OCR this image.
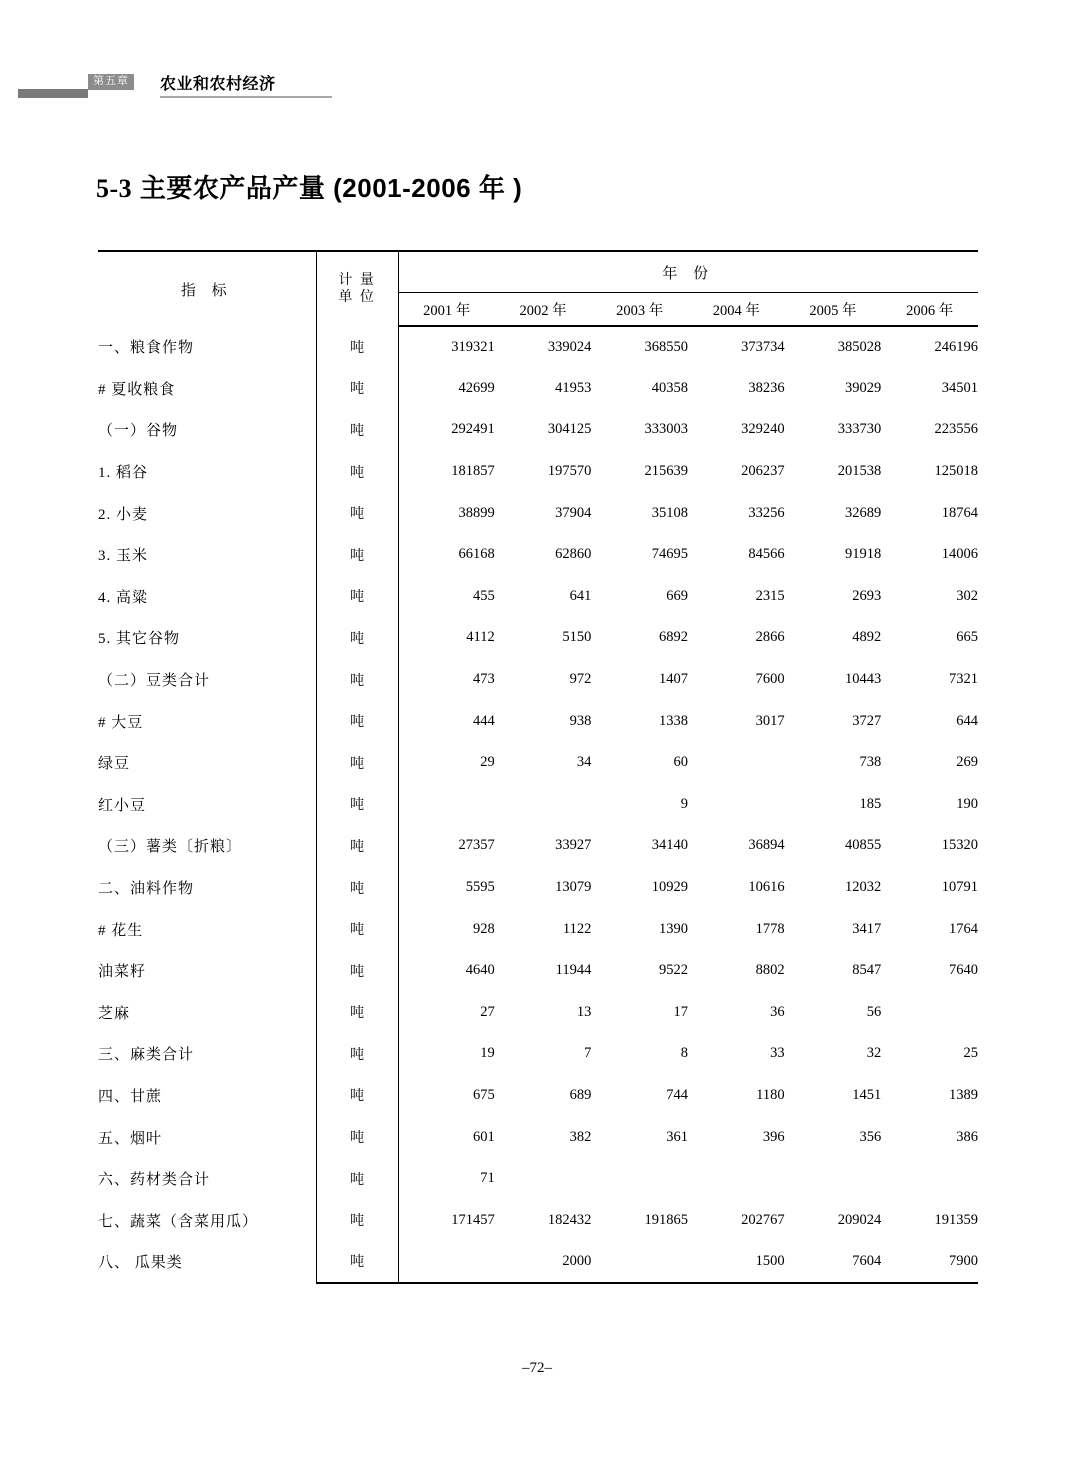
第五章	农业和农村经济
5-3 主要农产品产量 (2001-2006 年 )
指 标	计 量
单 位	年 份					
		2001 年	2002 年	2003 年	2004 年	2005 年	2006 年
一、粮食作物	吨	319321	339024	368550	373734	385028	246196
# 夏收粮食	吨	42699	41953	40358	38236	39029	34501
（一）谷物	吨	292491	304125	333003	329240	333730	223556
1. 稻谷	吨	181857	197570	215639	206237	201538	125018
2. 小麦	吨	38899	37904	35108	33256	32689	18764
3. 玉米	吨	66168	62860	74695	84566	91918	14006
4. 高粱	吨	455	641	669	2315	2693	302
5. 其它谷物	吨	4112	5150	6892	2866	4892	665
（二）豆类合计	吨	473	972	1407	7600	10443	7321
# 大豆	吨	444	938	1338	3017	3727	644
绿豆	吨	29	34	60		738	269
红小豆	吨			9		185	190
（三）薯类〔折粮〕	吨	27357	33927	34140	36894	40855	15320
二、油料作物	吨	5595	13079	10929	10616	12032	10791
# 花生	吨	928	1122	1390	1778	3417	1764
油菜籽	吨	4640	11944	9522	8802	8547	7640
芝麻	吨	27	13	17	36	56	
三、麻类合计	吨	19	7	8	33	32	25
四、甘蔗	吨	675	689	744	1180	1451	1389
五、烟叶	吨	601	382	361	396	356	386
六、药材类合计	吨	71					
七、蔬菜（含菜用瓜）	吨	171457	182432	191865	202767	209024	191359
八、 瓜果类	吨		2000		1500	7604	7900
–72–
